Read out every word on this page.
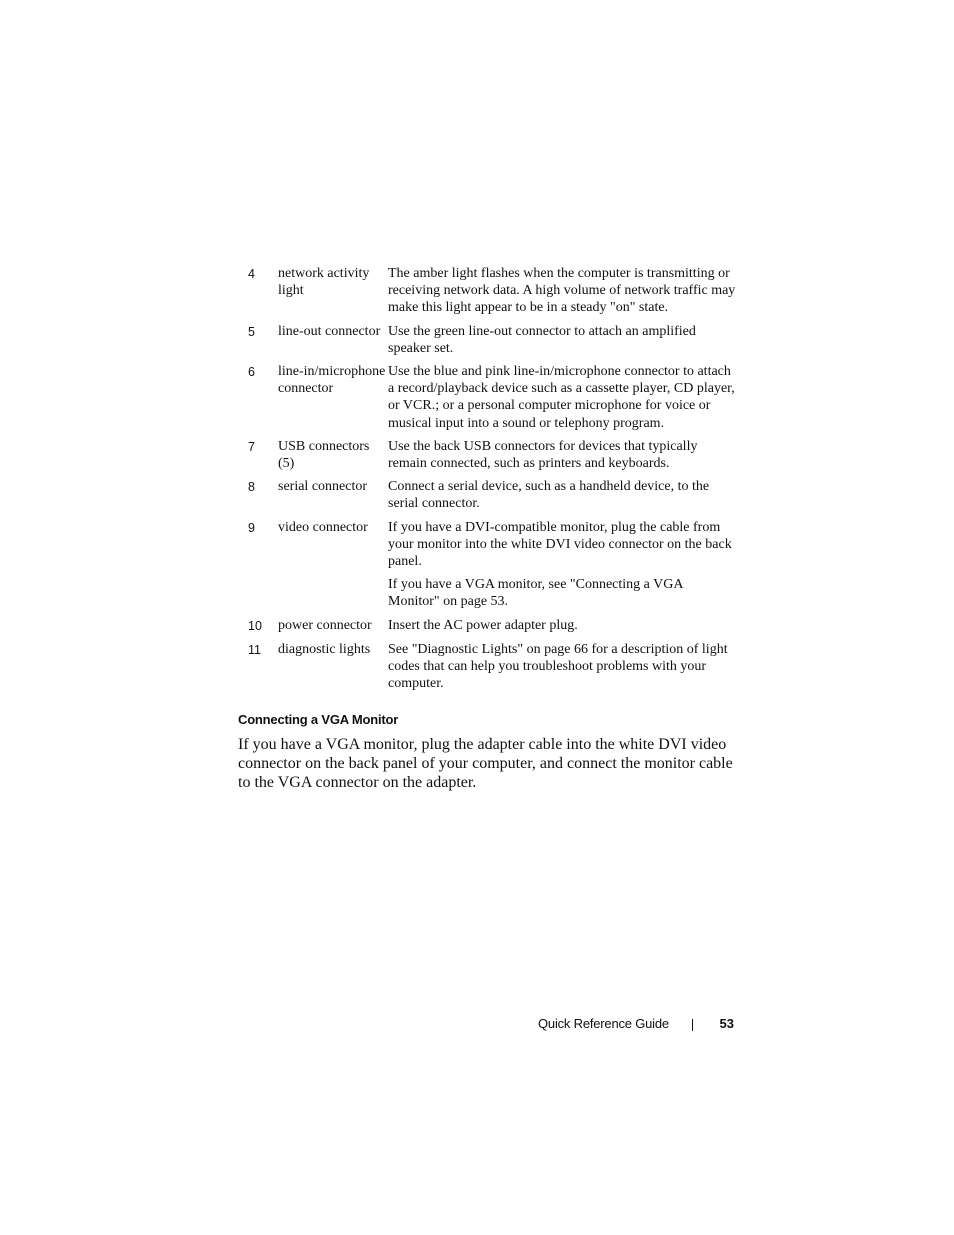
4	network activity light	The amber light flashes when the computer is transmitting or receiving network data. A high volume of network traffic may make this light appear to be in a steady "on" state.

5	line-out connector	Use the green line-out connector to attach an amplified speaker set.

6	line-in/microphone connector	Use the blue and pink line-in/microphone connector to attach a record/playback device such as a cassette player, CD player, or VCR.; or a personal computer microphone for voice or musical input into a sound or telephony program.

7	USB connectors (5)	Use the back USB connectors for devices that typically remain connected, such as printers and keyboards.

8	serial connector	Connect a serial device, such as a handheld device, to the serial connector.

9	video connector	If you have a DVI-compatible monitor, plug the cable from your monitor into the white DVI video connector on the back panel.

If you have a VGA monitor, see "Connecting a VGA Monitor" on page 53.

10	power connector	Insert the AC power adapter plug.

11	diagnostic lights	See "Diagnostic Lights" on page 66 for a description of light codes that can help you troubleshoot problems with your computer.

Connecting a VGA Monitor

If you have a VGA monitor, plug the adapter cable into the white DVI video connector on the back panel of your computer, and connect the monitor cable to the VGA connector on the adapter.

Quick Reference Guide	53
